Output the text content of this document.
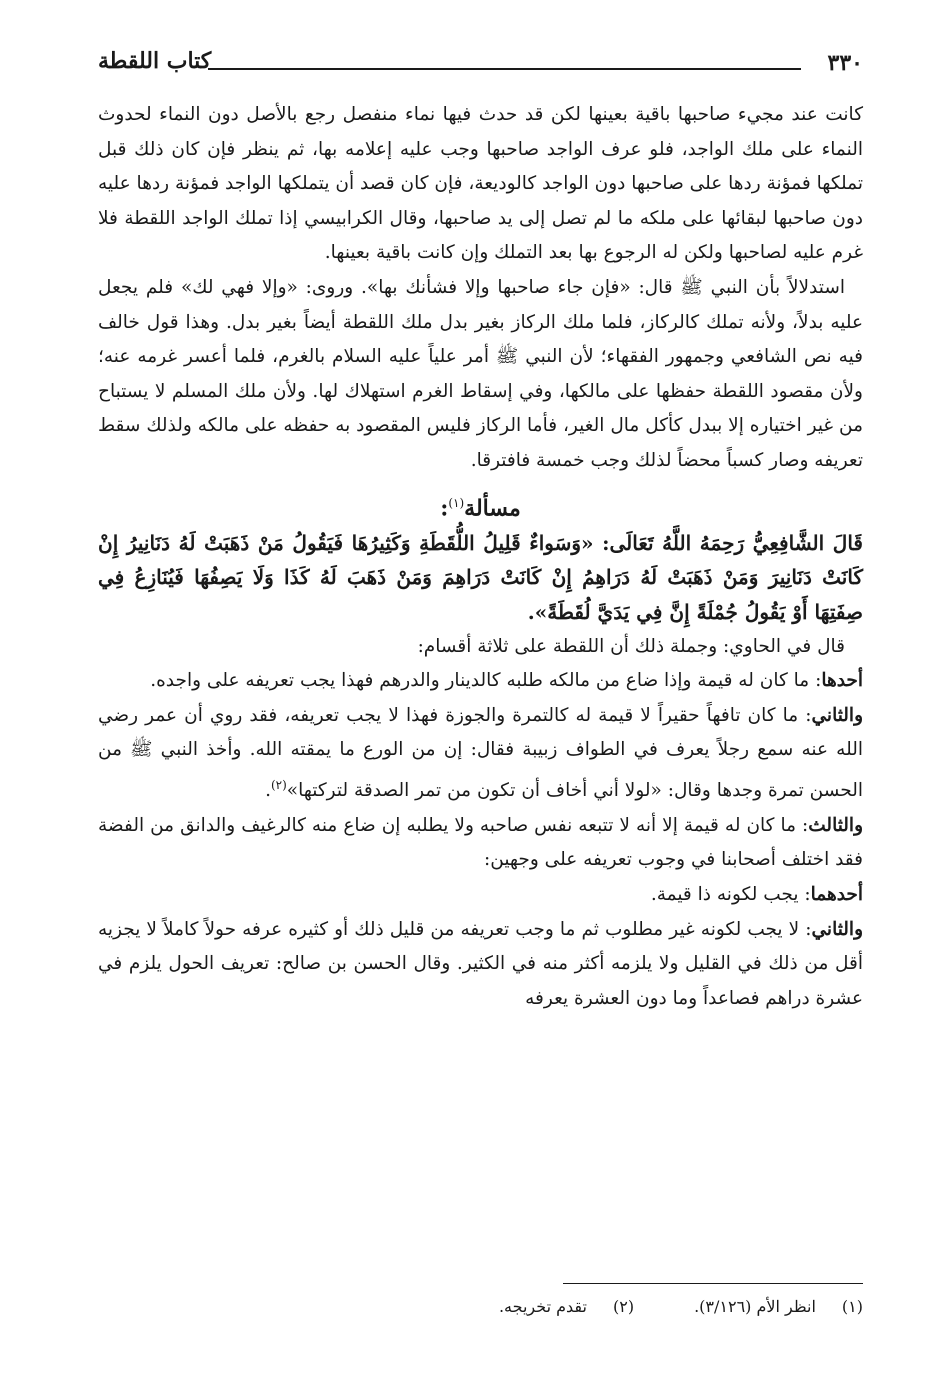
٣٣٠
كتاب اللقطة

كانت عند مجيء صاحبها باقية بعينها لكن قد حدث فيها نماء منفصل رجع بالأصل دون النماء لحدوث النماء على ملك الواجد، فلو عرف الواجد صاحبها وجب عليه إعلامه بها، ثم ينظر فإن كان ذلك قبل تملكها فمؤنة ردها على صاحبها دون الواجد كالوديعة، فإن كان قصد أن يتملكها الواجد فمؤنة ردها عليه دون صاحبها لبقائها على ملكه ما لم تصل إلى يد صاحبها، وقال الكرابيسي إذا تملك الواجد اللقطة فلا غرم عليه لصاحبها ولكن له الرجوع بها بعد التملك وإن كانت باقية بعينها.

استدلالاً بأن النبي ﷺ قال: «فإن جاء صاحبها وإلا فشأنك بها». وروى: «وإلا فهي لك» فلم يجعل عليه بدلاً، ولأنه تملك كالركاز، فلما ملك الركاز بغير بدل ملك اللقطة أيضاً بغير بدل. وهذا قول خالف فيه نص الشافعي وجمهور الفقهاء؛ لأن النبي ﷺ أمر علياً عليه السلام بالغرم، فلما أعسر غرمه عنه؛ ولأن مقصود اللقطة حفظها على مالكها، وفي إسقاط الغرم استهلاك لها. ولأن ملك المسلم لا يستباح من غير اختياره إلا ببدل كأكل مال الغير، فأما الركاز فليس المقصود به حفظه على مالكه ولذلك سقط تعريفه وصار كسباً محضاً لذلك وجب خمسة فافترقا.

مسألة$^{(١)}$:

قَالَ الشَّافِعِيُّ رَحِمَهُ اللَّهُ تَعَالَى: «وَسَواءٌ قَلِيلُ اللُّقَطَةِ وَكَثِيرُهَا فَيَقُولُ مَنْ ذَهَبَتْ لَهُ دَنَانِيرُ إِنْ كَانَتْ دَنَانِيرَ وَمَنْ ذَهَبَتْ لَهُ دَرَاهِمُ إِنْ كَانَتْ دَرَاهِمَ وَمَنْ ذَهَبَ لَهُ كَذَا وَلَا يَصِفُهَا فَيُنَازِعُ فِي صِفَتِهَا أَوْ يَقُولُ جُمْلَةً إِنَّ فِي يَدَيَّ لُقَطَةً».

قال في الحاوي: وجملة ذلك أن اللقطة على ثلاثة أقسام:

أحدها: ما كان له قيمة وإذا ضاع من مالكه طلبه كالدينار والدرهم فهذا يجب تعريفه على واجده.

والثاني: ما كان تافهاً حقيراً لا قيمة له كالتمرة والجوزة فهذا لا يجب تعريفه، فقد روي أن عمر رضي الله عنه سمع رجلاً يعرف في الطواف زبيبة فقال: إن من الورع ما يمقته الله. وأخذ النبي ﷺ من الحسن تمرة وجدها وقال: «لولا أني أخاف أن تكون من تمر الصدقة لتركتها»$^{(٢)}$.

والثالث: ما كان له قيمة إلا أنه لا تتبعه نفس صاحبه ولا يطلبه إن ضاع منه كالرغيف والدانق من الفضة فقد اختلف أصحابنا في وجوب تعريفه على وجهين:

أحدهما: يجب لكونه ذا قيمة.

والثاني: لا يجب لكونه غير مطلوب ثم ما وجب تعريفه من قليل ذلك أو كثيره عرفه حولاً كاملاً لا يجزيه أقل من ذلك في القليل ولا يلزمه أكثر منه في الكثير. وقال الحسن بن صالح: تعريف الحول يلزم في عشرة دراهم فصاعداً وما دون العشرة يعرفه

(١)انظر الأم (٣/١٢٦).
(٢)تقدم تخريجه.
